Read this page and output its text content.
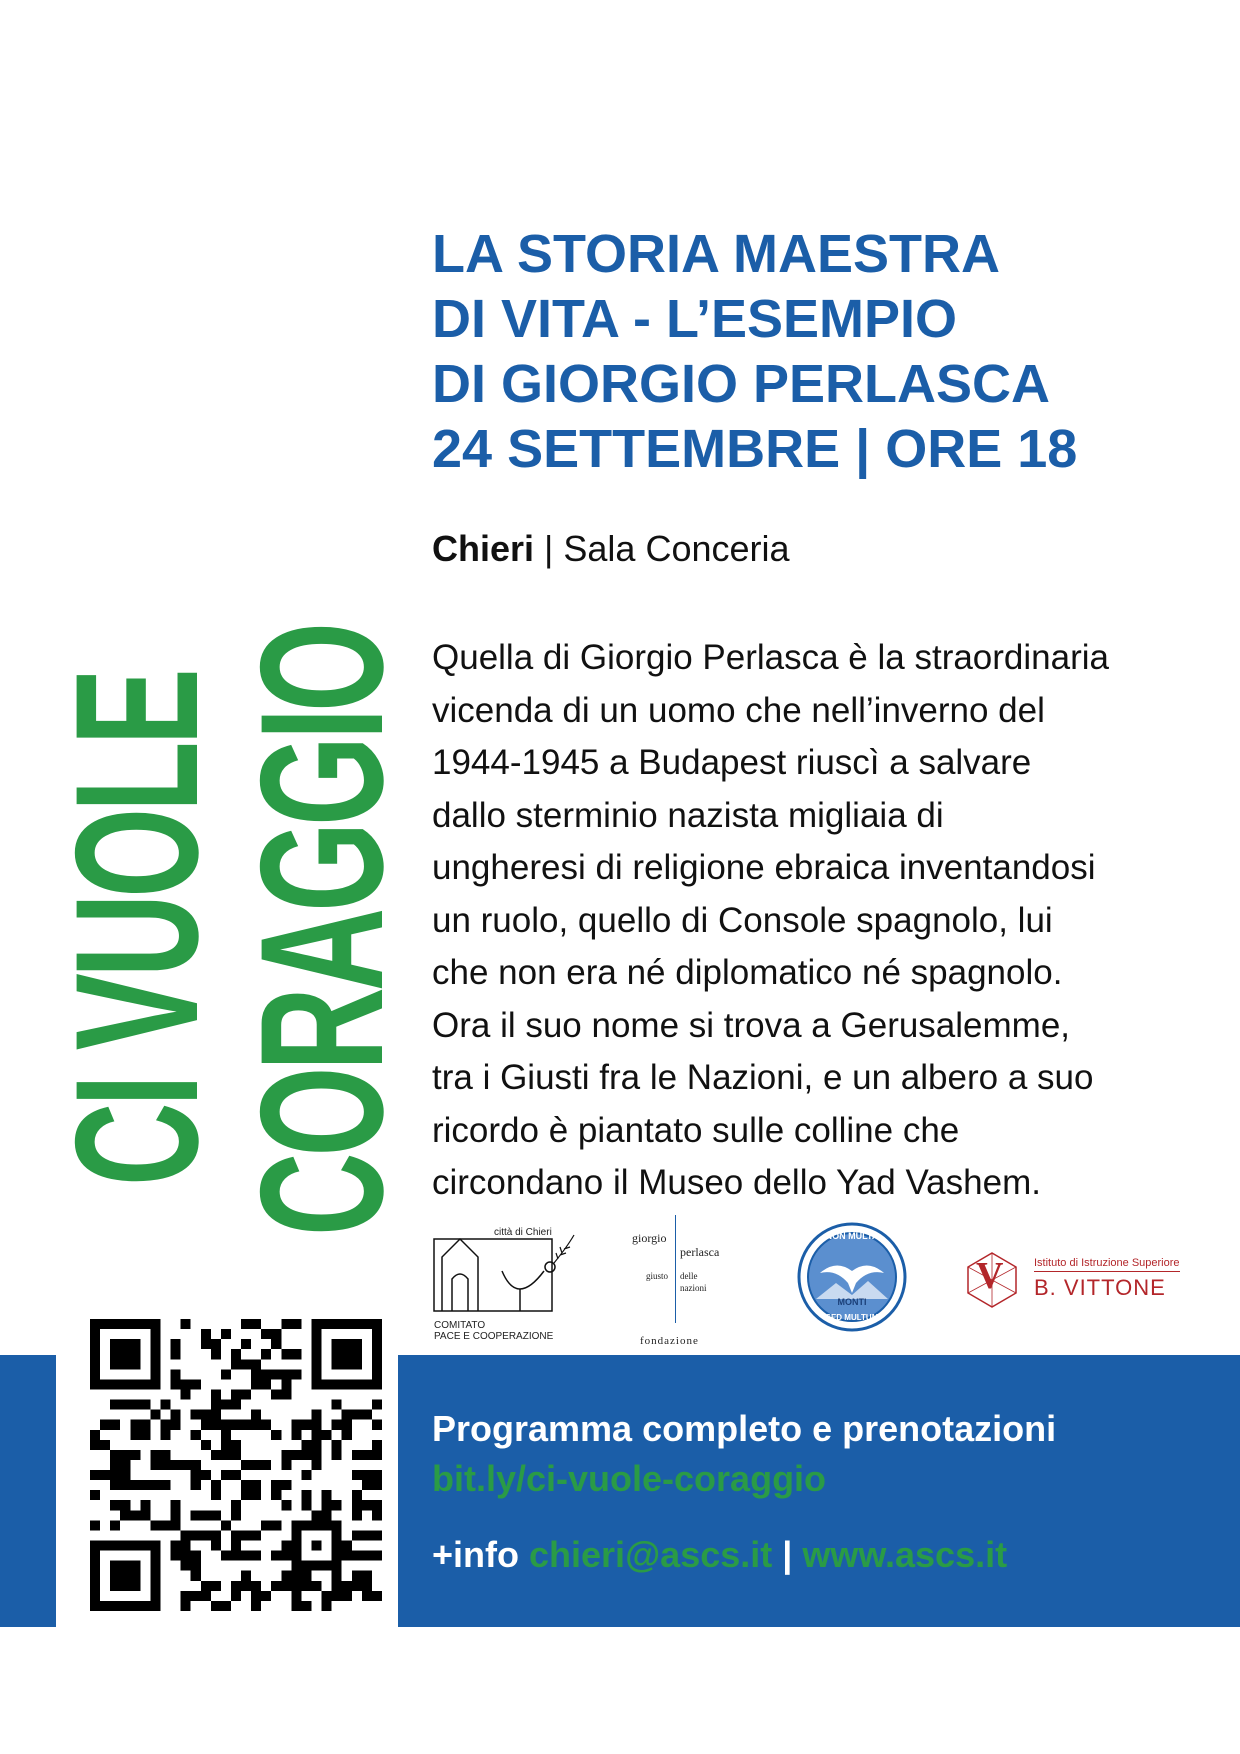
CI VUOLE
CORAGGIO
LA STORIA MAESTRA
DI VITA - L’ESEMPIO
DI GIORGIO PERLASCA
24 SETTEMBRE | ORE 18
Chieri | Sala Conceria
Quella di Giorgio Perlasca è la straordinaria
vicenda di un uomo che nell’inverno del
1944-1945 a Budapest riuscì a salvare
dallo sterminio nazista migliaia di
ungheresi di religione ebraica inventandosi
un ruolo, quello di Console spagnolo, lui
che non era né diplomatico né spagnolo.
Ora il suo nome si trova a Gerusalemme,
tra i Giusti fra le Nazioni, e un albero a suo
ricordo è piantato sulle colline che
circondano il Museo dello Yad Vashem.
città di Chieri
COMITATO
PACE E COOPERAZIONE
giorgio
perlasca
giusto delle
nazioni
fondazione
NON MULTA
MONTI
SED MULTUM
V	Istituto di Istruzione Superiore
B. VITTONE
Programma completo e prenotazioni
bit.ly/ci-vuole-coraggio
+info chieri@ascs.it | www.ascs.it
